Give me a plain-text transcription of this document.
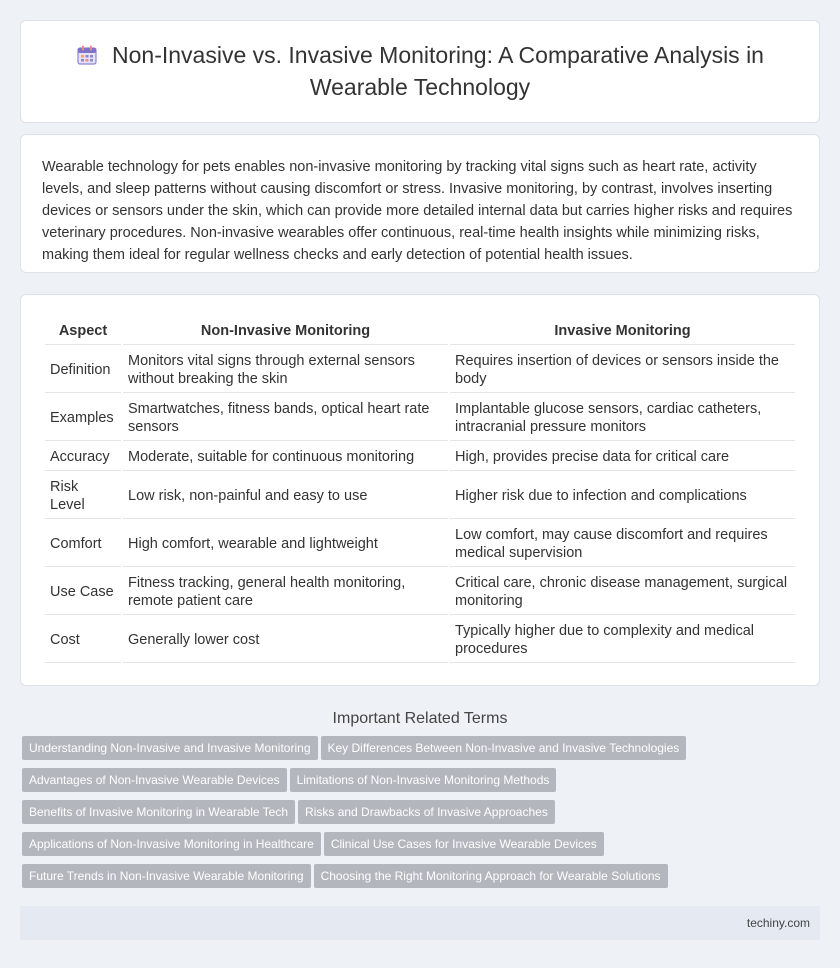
Non-Invasive vs. Invasive Monitoring: A Comparative Analysis in Wearable Technology

Wearable technology for pets enables non-invasive monitoring by tracking vital signs such as heart rate, activity levels, and sleep patterns without causing discomfort or stress. Invasive monitoring, by contrast, involves inserting devices or sensors under the skin, which can provide more detailed internal data but carries higher risks and requires veterinary procedures. Non-invasive wearables offer continuous, real-time health insights while minimizing risks, making them ideal for regular wellness checks and early detection of potential health issues.

Aspect	Non-Invasive Monitoring	Invasive Monitoring
Definition	Monitors vital signs through external sensors without breaking the skin	Requires insertion of devices or sensors inside the body
Examples	Smartwatches, fitness bands, optical heart rate sensors	Implantable glucose sensors, cardiac catheters, intracranial pressure monitors
Accuracy	Moderate, suitable for continuous monitoring	High, provides precise data for critical care
Risk Level	Low risk, non-painful and easy to use	Higher risk due to infection and complications
Comfort	High comfort, wearable and lightweight	Low comfort, may cause discomfort and requires medical supervision
Use Case	Fitness tracking, general health monitoring, remote patient care	Critical care, chronic disease management, surgical monitoring
Cost	Generally lower cost	Typically higher due to complexity and medical procedures
Important Related Terms
Understanding Non-Invasive and Invasive Monitoring Key Differences Between Non-Invasive and Invasive Technologies
Advantages of Non-Invasive Wearable Devices Limitations of Non-Invasive Monitoring Methods
Benefits of Invasive Monitoring in Wearable Tech Risks and Drawbacks of Invasive Approaches
Applications of Non-Invasive Monitoring in Healthcare Clinical Use Cases for Invasive Wearable Devices
Future Trends in Non-Invasive Wearable Monitoring Choosing the Right Monitoring Approach for Wearable Solutions
techiny.com
